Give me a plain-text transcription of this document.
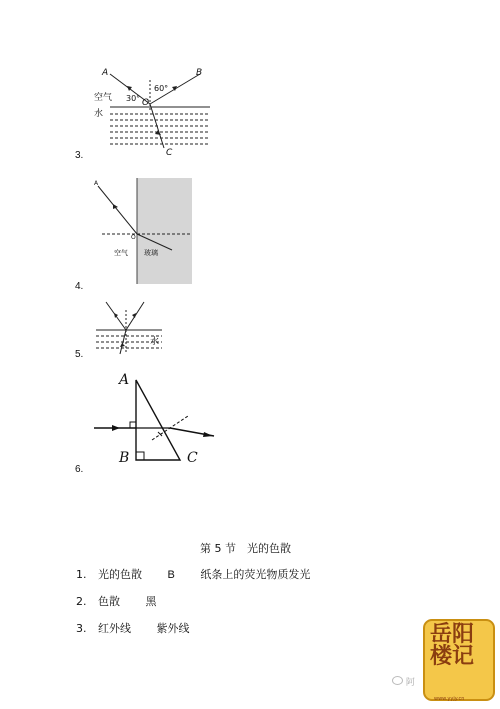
A	B
C
O
空气
水
30°
60°
3.
A
O
空气 玻璃
4.
水
5.
A
B	C
6.
第 5 节　光的色散
1. 光的色散 B 纸条上的荧光物质发光
2. 色散 黑
3. 红外线 紫外线	岳阳楼记
www.yyjy.cn
阿
